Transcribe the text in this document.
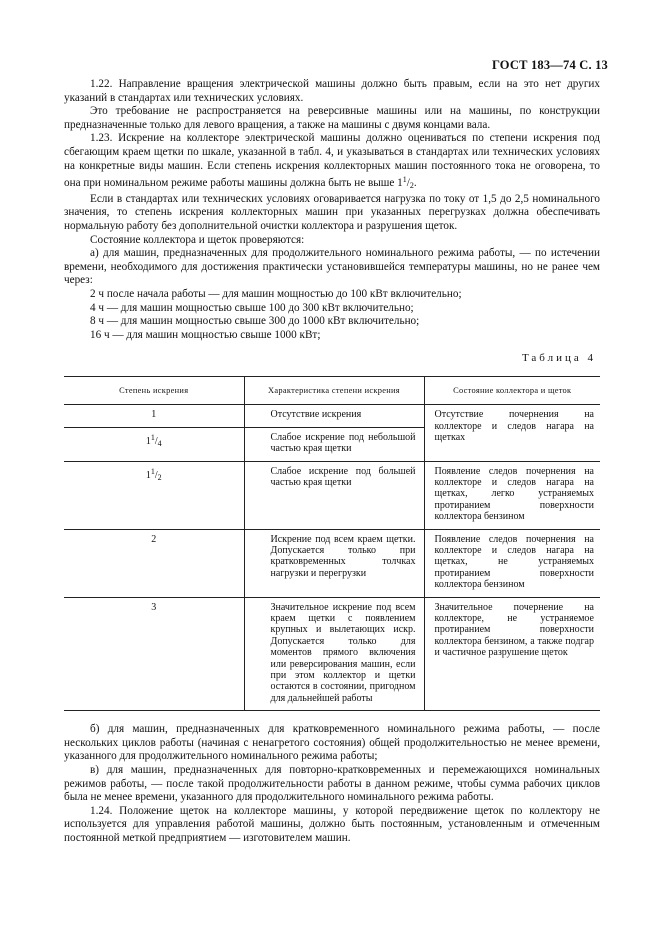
ГОСТ 183—74 С. 13

1.22. Направление вращения электрической машины должно быть правым, если на это нет других указаний в стандартах или технических условиях.

Это требование не распространяется на реверсивные машины или на машины, по конструкции предназначенные только для левого вращения, а также на машины с двумя концами вала.

1.23. Искрение на коллекторе электрической машины должно оцениваться по степени искрения под сбегающим краем щетки по шкале, указанной в табл. 4, и указываться в стандартах или технических условиях на конкретные виды машин. Если степень искрения коллекторных машин постоянного тока не оговорена, то она при номинальном режиме работы машины должна быть не выше $1^1/_2$.

Если в стандартах или технических условиях оговаривается нагрузка по току от 1,5 до 2,5 номинального значения, то степень искрения коллекторных машин при указанных перегрузках должна обеспечивать нормальную работу без дополнительной очистки коллектора и разрушения щеток.

Состояние коллектора и щеток проверяются:

а) для машин, предназначенных для продолжительного номинального режима работы, — по истечении времени, необходимого для достижения практически установившейся температуры машины, но не ранее чем через:

2 ч после начала работы — для машин мощностью до 100 кВт включительно;

4 ч — для машин мощностью свыше 100 до 300 кВт включительно;

8 ч — для машин мощностью свыше 300 до 1000 кВт включительно;

16 ч — для машин мощностью свыше 1000 кВт;

Таблица 4
Степень искрения	Характеристика степени искрения	Состояние коллектора и щеток
1	Отсутствие искрения	Отсутствие почернения на коллекторе и следов нагара на щетках
$1^1/_4$	Слабое искрение под небольшой частью края щетки	
$1^1/_2$	Слабое искрение под большей частью края щетки	Появление следов почернения на коллекторе и следов нагара на щетках, легко устраняемых протиранием поверхности коллектора бензином
2	Искрение под всем краем щетки. Допускается только при кратковременных толчках нагрузки и перегрузки	Появление следов почернения на коллекторе и следов нагара на щетках, не устраняемых протиранием поверхности коллектора бензином
3	Значительное искрение под всем краем щетки с появлением крупных и вылетающих искр. Допускается только для моментов прямого включения или реверсирования машин, если при этом коллектор и щетки остаются в состоянии, пригодном для дальнейшей работы	Значительное почернение на коллекторе, не устраняемое протиранием поверхности коллектора бензином, а также подгар и частичное разрушение щеток

б) для машин, предназначенных для кратковременного номинального режима работы, — после нескольких циклов работы (начиная с ненагретого состояния) общей продолжительностью не менее времени, указанного для продолжительного номинального режима работы;

в) для машин, предназначенных для повторно-кратковременных и перемежающихся номинальных режимов работы, — после такой продолжительности работы в данном режиме, чтобы сумма рабочих циклов была не менее времени, указанного для продолжительного номинального режима работы.

1.24. Положение щеток на коллекторе машины, у которой передвижение щеток по коллектору не используется для управления работой машины, должно быть постоянным, установленным и отмеченным постоянной меткой предприятием — изготовителем машин.
